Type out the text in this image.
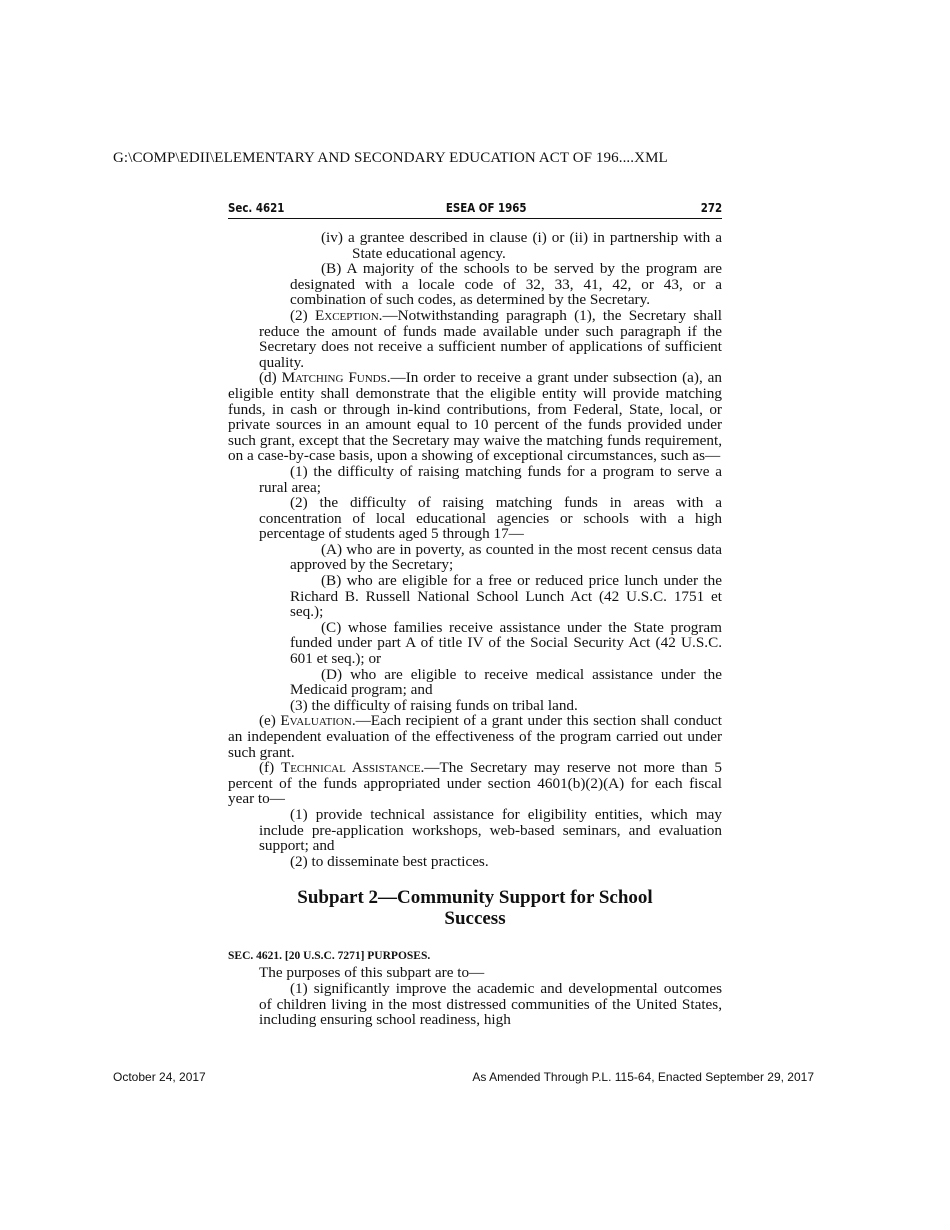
G:\COMP\EDII\ELEMENTARY AND SECONDARY EDUCATION ACT OF 196....XML
Sec. 4621	ESEA OF 1965	272

(iv) a grantee described in clause (i) or (ii) in partnership with a State educational agency.

(B) A majority of the schools to be served by the program are designated with a locale code of 32, 33, 41, 42, or 43, or a combination of such codes, as determined by the Secretary.

(2) Exception.—Notwithstanding paragraph (1), the Secretary shall reduce the amount of funds made available under such paragraph if the Secretary does not receive a sufficient number of applications of sufficient quality.

(d) Matching Funds.—In order to receive a grant under subsection (a), an eligible entity shall demonstrate that the eligible entity will provide matching funds, in cash or through in-kind contributions, from Federal, State, local, or private sources in an amount equal to 10 percent of the funds provided under such grant, except that the Secretary may waive the matching funds requirement, on a case-by-case basis, upon a showing of exceptional circumstances, such as—

(1) the difficulty of raising matching funds for a program to serve a rural area;

(2) the difficulty of raising matching funds in areas with a concentration of local educational agencies or schools with a high percentage of students aged 5 through 17—

(A) who are in poverty, as counted in the most recent census data approved by the Secretary;

(B) who are eligible for a free or reduced price lunch under the Richard B. Russell National School Lunch Act (42 U.S.C. 1751 et seq.);

(C) whose families receive assistance under the State program funded under part A of title IV of the Social Security Act (42 U.S.C. 601 et seq.); or

(D) who are eligible to receive medical assistance under the Medicaid program; and

(3) the difficulty of raising funds on tribal land.

(e) Evaluation.—Each recipient of a grant under this section shall conduct an independent evaluation of the effectiveness of the program carried out under such grant.

(f) Technical Assistance.—The Secretary may reserve not more than 5 percent of the funds appropriated under section 4601(b)(2)(A) for each fiscal year to—

(1) provide technical assistance for eligibility entities, which may include pre-application workshops, web-based seminars, and evaluation support; and

(2) to disseminate best practices.

Subpart 2—Community Support for School
Success

SEC. 4621. [20 U.S.C. 7271] PURPOSES.

The purposes of this subpart are to—

(1) significantly improve the academic and developmental outcomes of children living in the most distressed communities of the United States, including ensuring school readiness, high

October 24, 2017	As Amended Through P.L. 115-64, Enacted September 29, 2017
